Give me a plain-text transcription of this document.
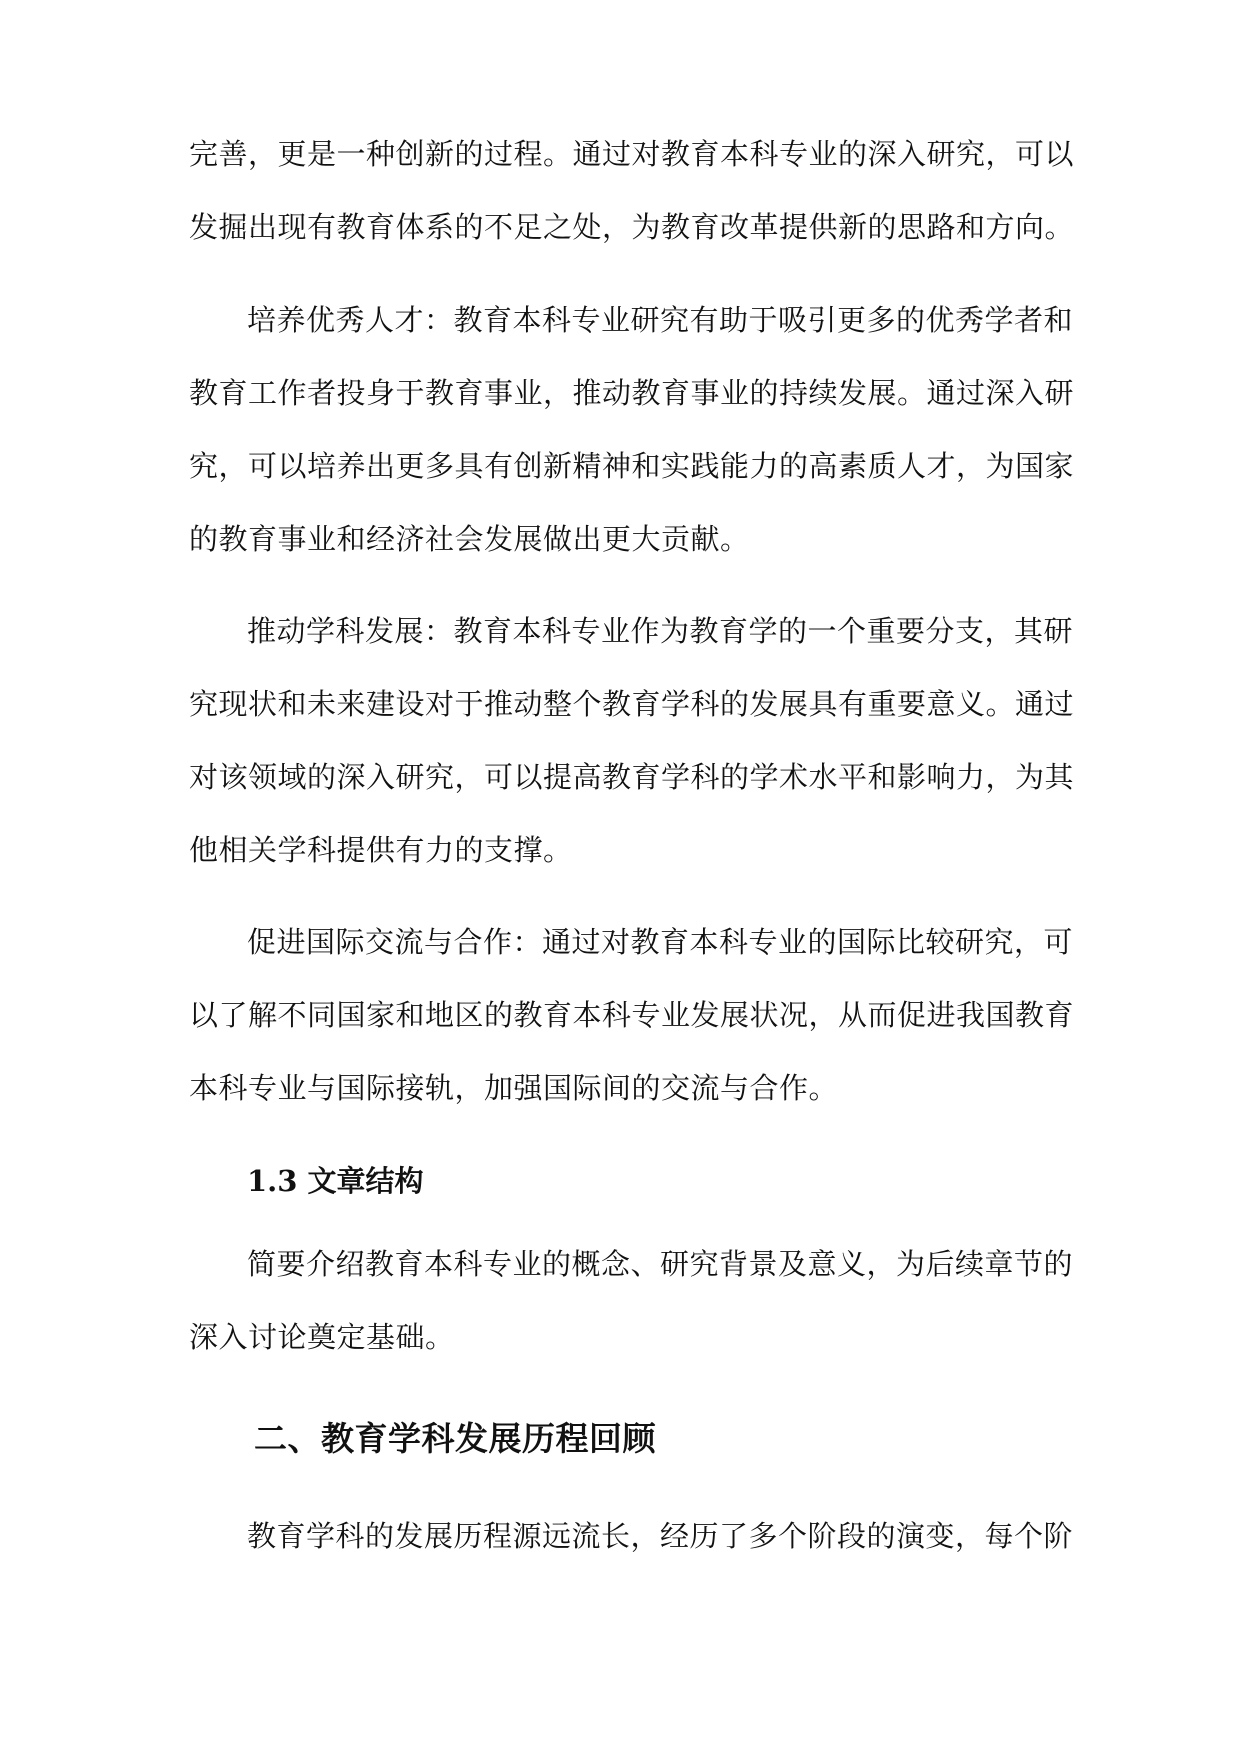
完善，更是一种创新的过程。通过对教育本科专业的深入研究，可以
发掘出现有教育体系的不足之处，为教育改革提供新的思路和方向。
培养优秀人才：教育本科专业研究有助于吸引更多的优秀学者和
教育工作者投身于教育事业，推动教育事业的持续发展。通过深入研
究，可以培养出更多具有创新精神和实践能力的高素质人才，为国家
的教育事业和经济社会发展做出更大贡献。
推动学科发展：教育本科专业作为教育学的一个重要分支，其研
究现状和未来建设对于推动整个教育学科的发展具有重要意义。通过
对该领域的深入研究，可以提高教育学科的学术水平和影响力，为其
他相关学科提供有力的支撑。
促进国际交流与合作：通过对教育本科专业的国际比较研究，可
以了解不同国家和地区的教育本科专业发展状况，从而促进我国教育
本科专业与国际接轨，加强国际间的交流与合作。
1.3 文章结构
简要介绍教育本科专业的概念、研究背景及意义，为后续章节的
深入讨论奠定基础。
二、教育学科发展历程回顾
教育学科的发展历程源远流长，经历了多个阶段的演变，每个阶
